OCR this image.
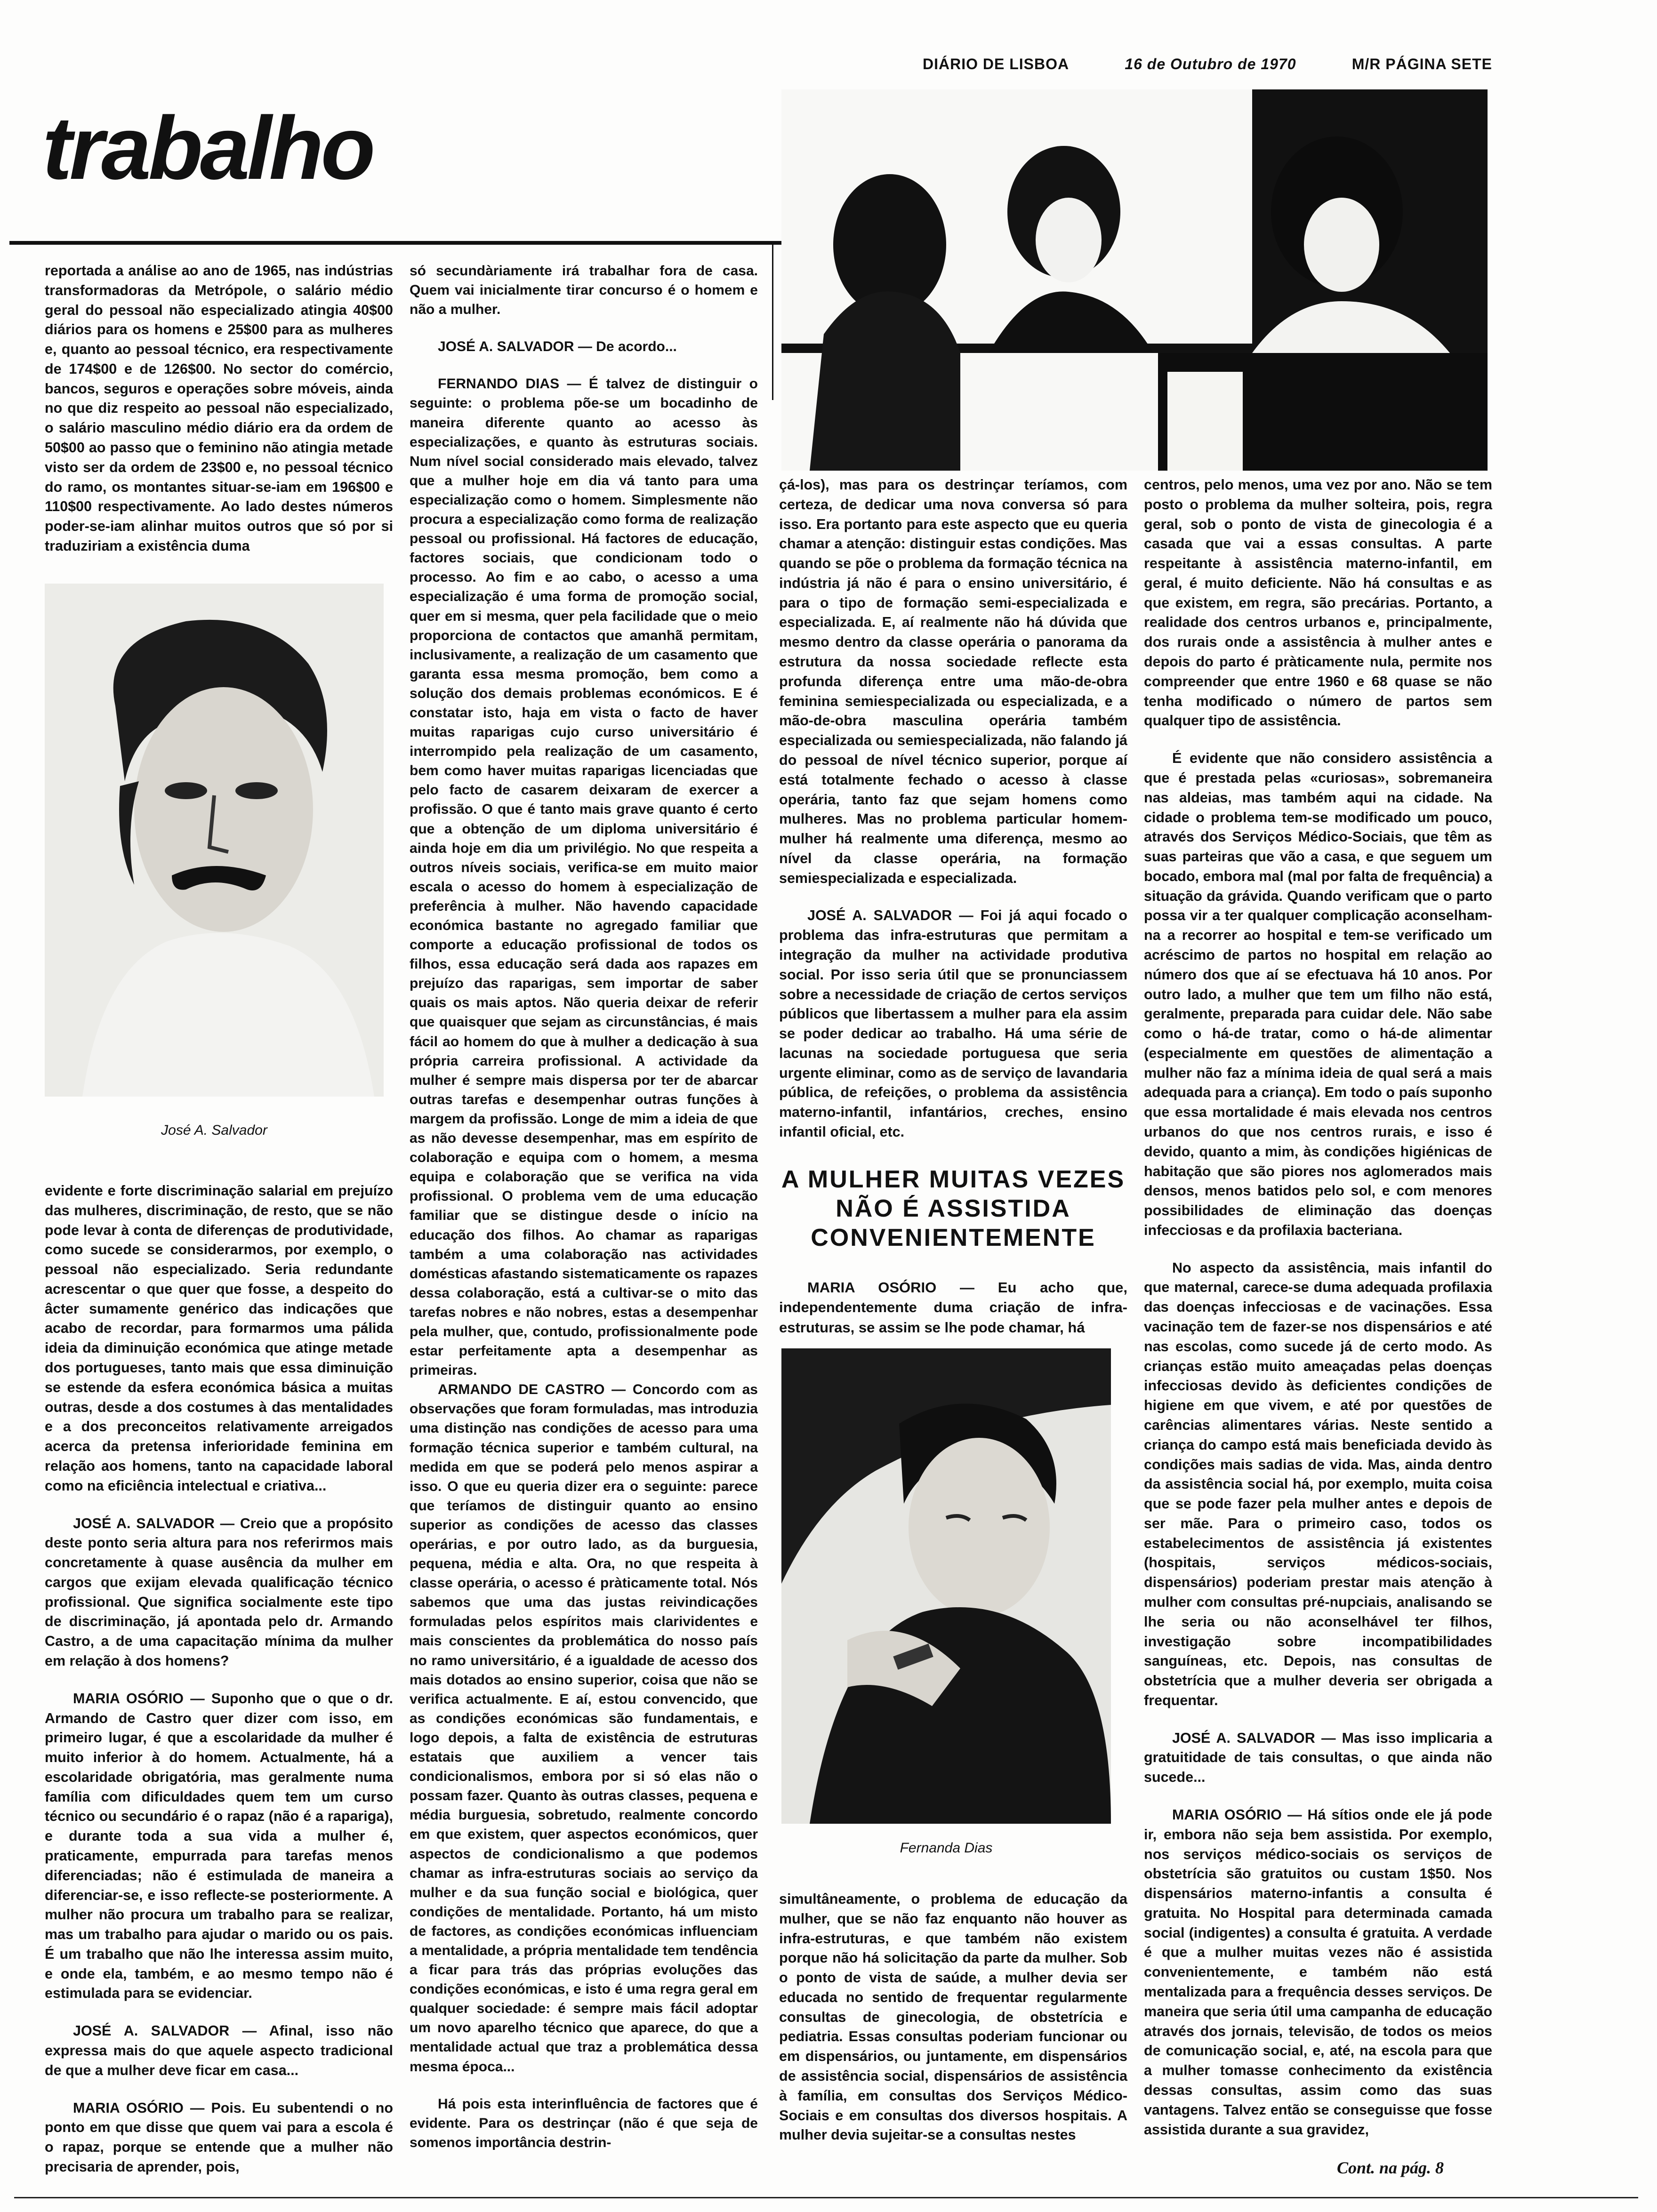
DIÁRIO DE LISBOA	16 de Outubro de 1970	M/R PÁGINA SETE
trabalho

reportada a análise ao ano de 1965, nas indústrias transformadoras da Metrópole, o salário médio geral do pessoal não especializado atingia 40$00 diários para os homens e 25$00 para as mulheres e, quanto ao pessoal técnico, era respectivamente de 174$00 e de 126$00. No sector do comércio, bancos, seguros e operações sobre móveis, ainda no que diz respeito ao pessoal não especializado, o salário masculino médio diário era da ordem de 50$00 ao passo que o feminino não atingia metade visto ser da ordem de 23$00 e, no pessoal técnico do ramo, os montantes situar-se-iam em 196$00 e 110$00 respectivamente. Ao lado destes números poder-se-iam alinhar muitos outros que só por si traduziriam a existência duma

José A. Salvador

evidente e forte discriminação salarial em prejuízo das mulheres, discriminação, de resto, que se não pode levar à conta de diferenças de produtividade, como sucede se considerarmos, por exemplo, o pessoal não especializado. Seria redundante acrescentar o que quer que fosse, a despeito do âcter sumamente genérico das indicações que acabo de recordar, para formarmos uma pálida ideia da diminuição económica que atinge metade dos portugueses, tanto mais que essa diminuição se estende da esfera económica básica a muitas outras, desde a dos costumes à das mentalidades e a dos preconceitos relativamente arreigados acerca da pretensa inferioridade feminina em relação aos homens, tanto na capacidade laboral como na eficiência intelectual e criativa...

JOSÉ A. SALVADOR — Creio que a propósito deste ponto seria altura para nos referirmos mais concretamente à quase ausência da mulher em cargos que exijam elevada qualificação técnico profissional. Que significa socialmente este tipo de discriminação, já apontada pelo dr. Armando Castro, a de uma capacitação mínima da mulher em relação à dos homens?

MARIA OSÓRIO — Suponho que o que o dr. Armando de Castro quer dizer com isso, em primeiro lugar, é que a escolaridade da mulher é muito inferior à do homem. Actualmente, há a escolaridade obrigatória, mas geralmente numa família com dificuldades quem tem um curso técnico ou secundário é o rapaz (não é a rapariga), e durante toda a sua vida a mulher é, praticamente, empurrada para tarefas menos diferenciadas; não é estimulada de maneira a diferenciar-se, e isso reflecte-se posteriormente. A mulher não procura um trabalho para se realizar, mas um trabalho para ajudar o marido ou os pais. É um trabalho que não lhe interessa assim muito, e onde ela, também, e ao mesmo tempo não é estimulada para se evidenciar.

JOSÉ A. SALVADOR — Afinal, isso não expressa mais do que aquele aspecto tradicional de que a mulher deve ficar em casa...

MARIA OSÓRIO — Pois. Eu subentendi o no ponto em que disse que quem vai para a escola é o rapaz, porque se entende que a mulher não precisaria de aprender, pois,

só secundàriamente irá trabalhar fora de casa. Quem vai inicialmente tirar concurso é o homem e não a mulher.

JOSÉ A. SALVADOR — De acordo...

FERNANDO DIAS — É talvez de distinguir o seguinte: o problema põe-se um bocadinho de maneira diferente quanto ao acesso às especializações, e quanto às estruturas sociais. Num nível social considerado mais elevado, talvez que a mulher hoje em dia vá tanto para uma especialização como o homem. Simplesmente não procura a especialização como forma de realização pessoal ou profissional. Há factores de educação, factores sociais, que condicionam todo o processo. Ao fim e ao cabo, o acesso a uma especialização é uma forma de promoção social, quer em si mesma, quer pela facilidade que o meio proporciona de contactos que amanhã permitam, inclusivamente, a realização de um casamento que garanta essa mesma promoção, bem como a solução dos demais problemas económicos. E é constatar isto, haja em vista o facto de haver muitas raparigas cujo curso universitário é interrompido pela realização de um casamento, bem como haver muitas raparigas licenciadas que pelo facto de casarem deixaram de exercer a profissão. O que é tanto mais grave quanto é certo que a obtenção de um diploma universitário é ainda hoje em dia um privilégio. No que respeita a outros níveis sociais, verifica-se em muito maior escala o acesso do homem à especialização de preferência à mulher. Não havendo capacidade económica bastante no agregado familiar que comporte a educação profissional de todos os filhos, essa educação será dada aos rapazes em prejuízo das raparigas, sem importar de saber quais os mais aptos. Não queria deixar de referir que quaisquer que sejam as circunstâncias, é mais fácil ao homem do que à mulher a dedicação à sua própria carreira profissional. A actividade da mulher é sempre mais dispersa por ter de abarcar outras tarefas e desempenhar outras funções à margem da profissão. Longe de mim a ideia de que as não devesse desempenhar, mas em espírito de colaboração e equipa com o homem, a mesma equipa e colaboração que se verifica na vida profissional. O problema vem de uma educação familiar que se distingue desde o início na educação dos filhos. Ao chamar as raparigas também a uma colaboração nas actividades domésticas afastando sistematicamente os rapazes dessa colaboração, está a cultivar-se o mito das tarefas nobres e não nobres, estas a desempenhar pela mulher, que, contudo, profissionalmente pode estar perfeitamente apta a desempenhar as primeiras.

ARMANDO DE CASTRO — Concordo com as observações que foram formuladas, mas introduzia uma distinção nas condições de acesso para uma formação técnica superior e também cultural, na medida em que se poderá pelo menos aspirar a isso. O que eu queria dizer era o seguinte: parece que teríamos de distinguir quanto ao ensino superior as condições de acesso das classes operárias, e por outro lado, as da burguesia, pequena, média e alta. Ora, no que respeita à classe operária, o acesso é pràticamente total. Nós sabemos que uma das justas reivindicações formuladas pelos espíritos mais clarividentes e mais conscientes da problemática do nosso país no ramo universitário, é a igualdade de acesso dos mais dotados ao ensino superior, coisa que não se verifica actualmente. E aí, estou convencido, que as condições económicas são fundamentais, e logo depois, a falta de existência de estruturas estatais que auxiliem a vencer tais condicionalismos, embora por si só elas não o possam fazer. Quanto às outras classes, pequena e média burguesia, sobretudo, realmente concordo em que existem, quer aspectos económicos, quer aspectos de condicionalismo a que podemos chamar as infra-estruturas sociais ao serviço da mulher e da sua função social e biológica, quer condições de mentalidade. Portanto, há um misto de factores, as condições económicas influenciam a mentalidade, a própria mentalidade tem tendência a ficar para trás das próprias evoluções das condições económicas, e isto é uma regra geral em qualquer sociedade: é sempre mais fácil adoptar um novo aparelho técnico que aparece, do que a mentalidade actual que traz a problemática dessa mesma época...

Há pois esta interinfluência de factores que é evidente. Para os destrinçar (não é que seja de somenos importância destrin-

çá-los), mas para os destrinçar teríamos, com certeza, de dedicar uma nova conversa só para isso. Era portanto para este aspecto que eu queria chamar a atenção: distinguir estas condições. Mas quando se põe o problema da formação técnica na indústria já não é para o ensino universitário, é para o tipo de formação semi-especializada e especializada. E, aí realmente não há dúvida que mesmo dentro da classe operária o panorama da estrutura da nossa sociedade reflecte esta profunda diferença entre uma mão-de-obra feminina semiespecializada ou especializada, e a mão-de-obra masculina operária também especializada ou semiespecializada, não falando já do pessoal de nível técnico superior, porque aí está totalmente fechado o acesso à classe operária, tanto faz que sejam homens como mulheres. Mas no problema particular homem-mulher há realmente uma diferença, mesmo ao nível da classe operária, na formação semiespecializada e especializada.

JOSÉ A. SALVADOR — Foi já aqui focado o problema das infra-estruturas que permitam a integração da mulher na actividade produtiva social. Por isso seria útil que se pronunciassem sobre a necessidade de criação de certos serviços públicos que libertassem a mulher para ela assim se poder dedicar ao trabalho. Há uma série de lacunas na sociedade portuguesa que seria urgente eliminar, como as de serviço de lavandaria pública, de refeições, o problema da assistência materno-infantil, infantários, creches, ensino infantil oficial, etc.

A MULHER MUITAS VEZES
NÃO É ASSISTIDA
CONVENIENTEMENTE

MARIA OSÓRIO — Eu acho que, independentemente duma criação de infra-estruturas, se assim se lhe pode chamar, há

Fernanda Dias

simultâneamente, o problema de educação da mulher, que se não faz enquanto não houver as infra-estruturas, e que também não existem porque não há solicitação da parte da mulher. Sob o ponto de vista de saúde, a mulher devia ser educada no sentido de frequentar regularmente consultas de ginecologia, de obstetrícia e pediatria. Essas consultas poderiam funcionar ou em dispensários, ou juntamente, em dispensários de assistência social, dispensários de assistência à família, em consultas dos Serviços Médico-Sociais e em consultas dos diversos hospitais. A mulher devia sujeitar-se a consultas nestes

centros, pelo menos, uma vez por ano. Não se tem posto o problema da mulher solteira, pois, regra geral, sob o ponto de vista de ginecologia é a casada que vai a essas consultas. A parte respeitante à assistência materno-infantil, em geral, é muito deficiente. Não há consultas e as que existem, em regra, são precárias. Portanto, a realidade dos centros urbanos e, principalmente, dos rurais onde a assistência à mulher antes e depois do parto é pràticamente nula, permite nos compreender que entre 1960 e 68 quase se não tenha modificado o número de partos sem qualquer tipo de assistência.

É evidente que não considero assistência a que é prestada pelas «curiosas», sobremaneira nas aldeias, mas também aqui na cidade. Na cidade o problema tem-se modificado um pouco, através dos Serviços Médico-Sociais, que têm as suas parteiras que vão a casa, e que seguem um bocado, embora mal (mal por falta de frequência) a situação da grávida. Quando verificam que o parto possa vir a ter qualquer complicação aconselham-na a recorrer ao hospital e tem-se verificado um acréscimo de partos no hospital em relação ao número dos que aí se efectuava há 10 anos. Por outro lado, a mulher que tem um filho não está, geralmente, preparada para cuidar dele. Não sabe como o há-de tratar, como o há-de alimentar (especialmente em questões de alimentação a mulher não faz a mínima ideia de qual será a mais adequada para a criança). Em todo o país suponho que essa mortalidade é mais elevada nos centros urbanos do que nos centros rurais, e isso é devido, quanto a mim, às condições higiénicas de habitação que são piores nos aglomerados mais densos, menos batidos pelo sol, e com menores possibilidades de eliminação das doenças infecciosas e da profilaxia bacteriana.

No aspecto da assistência, mais infantil do que maternal, carece-se duma adequada profilaxia das doenças infecciosas e de vacinações. Essa vacinação tem de fazer-se nos dispensários e até nas escolas, como sucede já de certo modo. As crianças estão muito ameaçadas pelas doenças infecciosas devido às deficientes condições de higiene em que vivem, e até por questões de carências alimentares várias. Neste sentido a criança do campo está mais beneficiada devido às condições mais sadias de vida. Mas, ainda dentro da assistência social há, por exemplo, muita coisa que se pode fazer pela mulher antes e depois de ser mãe. Para o primeiro caso, todos os estabelecimentos de assistência já existentes (hospitais, serviços médicos-sociais, dispensários) poderiam prestar mais atenção à mulher com consultas pré-nupciais, analisando se lhe seria ou não aconselhável ter filhos, investigação sobre incompatibilidades sanguíneas, etc. Depois, nas consultas de obstetrícia que a mulher deveria ser obrigada a frequentar.

JOSÉ A. SALVADOR — Mas isso implicaria a gratuitidade de tais consultas, o que ainda não sucede...

MARIA OSÓRIO — Há sítios onde ele já pode ir, embora não seja bem assistida. Por exemplo, nos serviços médico-sociais os serviços de obstetrícia são gratuitos ou custam 1$50. Nos dispensários materno-infantis a consulta é gratuita. No Hospital para determinada camada social (indigentes) a consulta é gratuita. A verdade é que a mulher muitas vezes não é assistida convenientemente, e também não está mentalizada para a frequência desses serviços. De maneira que seria útil uma campanha de educação através dos jornais, televisão, de todos os meios de comunicação social, e, até, na escola para que a mulher tomasse conhecimento da existência dessas consultas, assim como das suas vantagens. Talvez então se conseguisse que fosse assistida durante a sua gravidez,

Cont. na pág. 8
